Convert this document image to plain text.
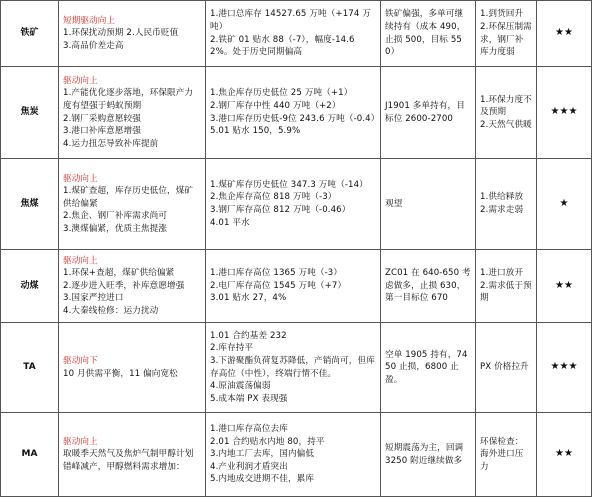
铁矿	短期驱动向上
1.环保扰动预期 2.人民币贬值
3.高品价差走高	1.港口总库存 14527.65 万吨（+174 万吨）
2.铁矿 01 贴水 88（-7），幅度-14.62%。处于历史同期偏高	铁矿偏强，多单可继续持有（成本 490，止损 500，目标 550）	1.到货回升
2.环保压制需求，钢厂补库力度弱	★★
焦炭	驱动向上
1.产能优化逐步落地，环保限产力度有望强于蚂蚁预期
2.钢厂采购意愿较强
3.港口补库意愿增强
4.运力扭怎导致补库提前	1.焦企库存历史低位 25 万吨（+1）
2.钢厂库存中性 440 万吨（+2）
3.港口库存历史低-9位 243.6 万吨（-0.4）
5.01 贴水 150，5.9%	J1901 多单持有，目标位 2600-2700	1.环保力度不及预期
2.天然气供暖	★★★
焦煤	驱动向上
1.煤矿查超，库存历史低位，煤矿供给偏紧
2.焦企、钢厂补库需求尚可
3.澳煤偏紧，优质主焦提涨	1.煤矿库存历史低位 347.3 万吨（-14）
2.焦企库存高位 818 万吨（-3）
3.钢厂库存高位 812 万吨（-0.46）
4.01 平水	观望	1.供给释放
2.需求走弱	★
动煤	驱动向上
1.环保+查超，煤矿供给偏紧
2.逐步进入旺季，补库意愿增强
3.国家严控进口
4.大秦线检修：运力扰动	1.港口库存高位 1365 万吨（-3）
2.电厂库存高位 1545 万吨（+7）
3.01 贴水 27，4%	ZC01 在 640-650 考虑做多，止损 630，第一目标位 670	1.进口放开
2.需求低于预期	★★
TA	驱动向下
10 月供需平衡，11 偏向宽松	1.01 合约基差 232
2.库存持平
3.下游聚酯负荷复苏降低，产销尚可，但库存高位（中性），终端行情不佳。
4.原油震荡偏弱
5.成本端 PX 表现强	空单 1905 持有，7450 止损，6800 止盈。	PX 价格拉升	★★★
MA	驱动向上
取暖季天然气及焦炉气制甲醇计划错峰减产，甲醇燃料需求增加：	1.港口库存高位去库
2.01 合约贴水内地 80，持平
3.内地工厂去库，国内偏低
4.产业利润才盾突出
5.内地成交进期不佳，累库	短期震荡为主，回调 3250 附近继续做多	环保检查：海外进口压力	★★
